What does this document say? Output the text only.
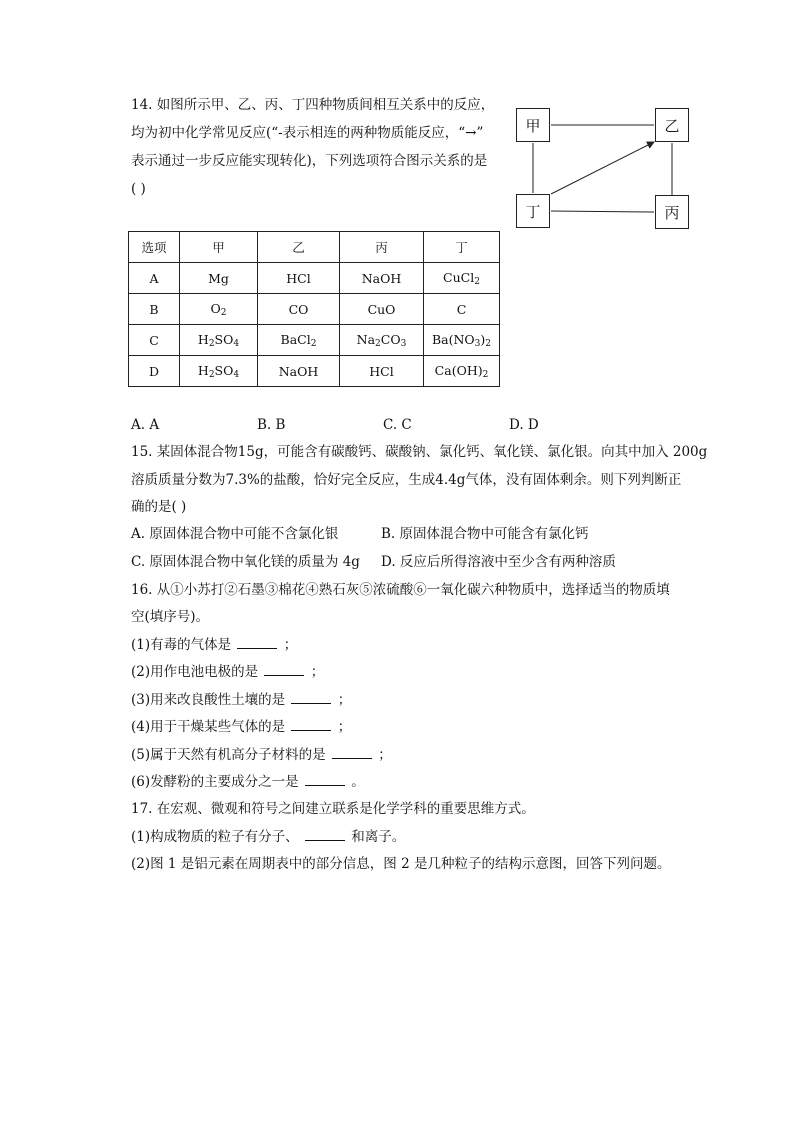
14. 如图所示甲、乙、丙、丁四种物质间相互关系中的反应，
均为初中化学常见反应(“-表示相连的两种物质能反应，“→”
表示通过一步反应能实现转化)，下列选项符合图示关系的是
( )
甲	乙
丁	丙
选项	甲	乙	丙	丁
A	Mg	HCl	NaOH	CuCl$_2$
B	$O_2$	CO	CuO	C
C	$H_2SO_4$	BaCl$_2$	$Na_2CO_3$	$Ba(NO_3)_2$
D	$H_2SO_4$	NaOH	HCl	$Ca(OH)_2$
A. A	B. B	C. C	D. D
15. 某固体混合物15g，可能含有碳酸钙、碳酸钠、氯化钙、氧化镁、氯化银。向其中加入 200g
溶质质量分数为7.3%的盐酸，恰好完全反应，生成4.4g气体，没有固体剩余。则下列判断正
确的是( )
A. 原固体混合物中可能不含氯化银	B. 原固体混合物中可能含有氯化钙
C. 原固体混合物中氧化镁的质量为 4g D. 反应后所得溶液中至少含有两种溶质
16. 从①小苏打②石墨③棉花④熟石灰⑤浓硫酸⑥一氧化碳六种物质中，选择适当的物质填
空(填序号)。
(1)有毒的气体是	；
(2)用作电池电极的是	；
(3)用来改良酸性土壤的是	；
(4)用于干燥某些气体的是	；
(5)属于天然有机高分子材料的是	；
(6)发酵粉的主要成分之一是	。
17. 在宏观、微观和符号之间建立联系是化学学科的重要思维方式。
(1)构成物质的粒子有分子、	和离子。
(2)图 1 是铝元素在周期表中的部分信息，图 2 是几种粒子的结构示意图，回答下列问题。
